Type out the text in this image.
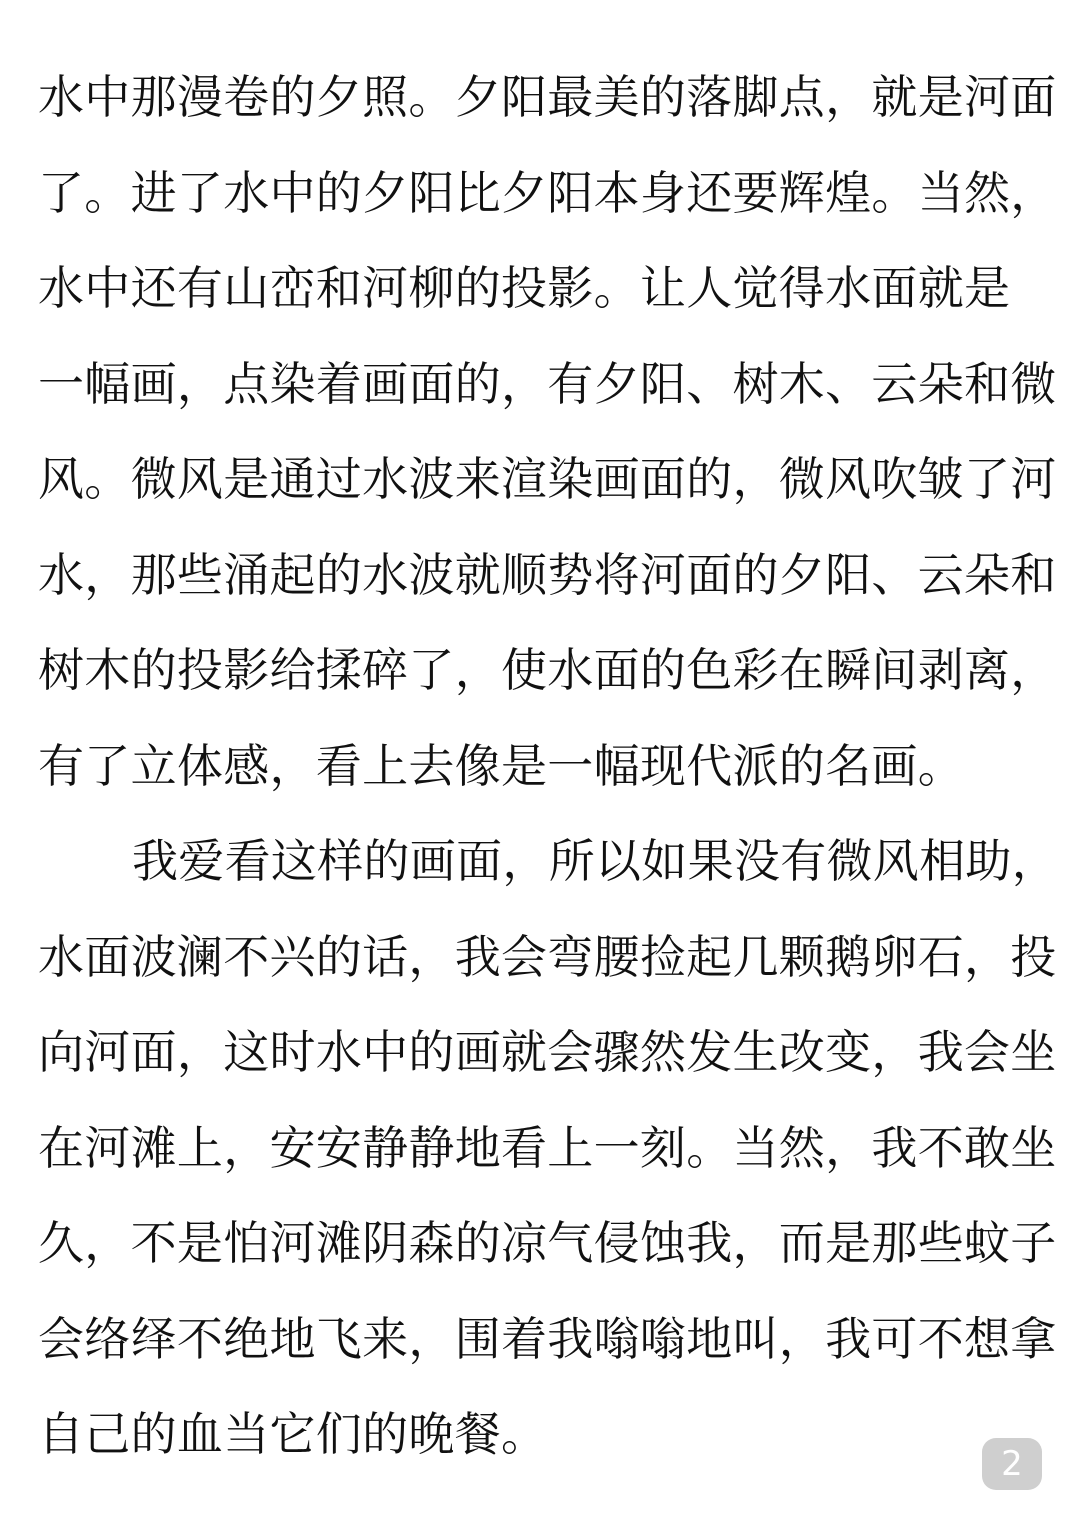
水中那漫卷的夕照。夕阳最美的落脚点，就是河面
了。进了水中的夕阳比夕阳本身还要辉煌。当然，
水中还有山峦和河柳的投影。让人觉得水面就是
一幅画，点染着画面的，有夕阳、树木、云朵和微
风。微风是通过水波来渲染画面的，微风吹皱了河
水，那些涌起的水波就顺势将河面的夕阳、云朵和
树木的投影给揉碎了，使水面的色彩在瞬间剥离，
有了立体感，看上去像是一幅现代派的名画。
我爱看这样的画面，所以如果没有微风相助，
水面波澜不兴的话，我会弯腰捡起几颗鹅卵石，投
向河面，这时水中的画就会骤然发生改变，我会坐
在河滩上，安安静静地看上一刻。当然，我不敢坐
久，不是怕河滩阴森的凉气侵蚀我，而是那些蚊子
会络绎不绝地飞来，围着我嗡嗡地叫，我可不想拿
自己的血当它们的晚餐。
2
